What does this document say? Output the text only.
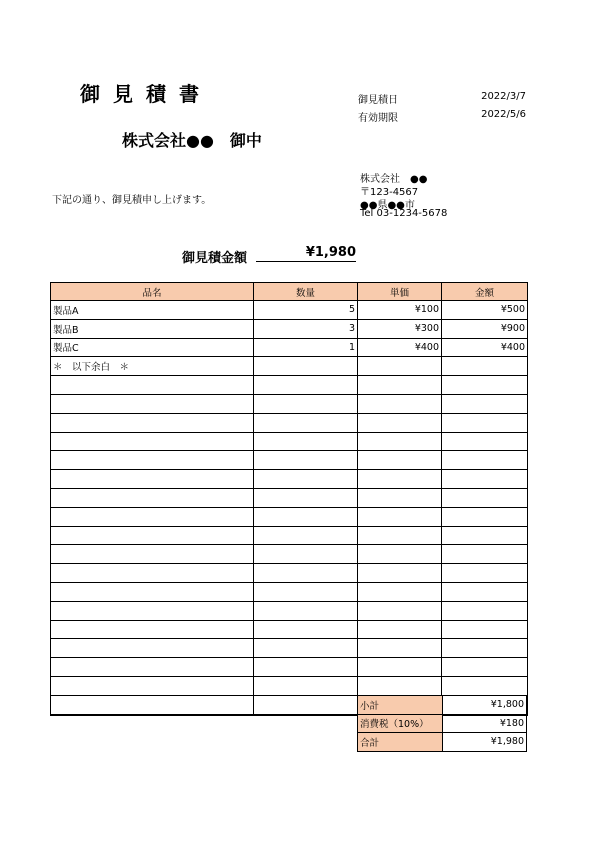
御見積書
株式会社●●　御中
御見積日	2022/3/7
有効期限	2022/5/6
株式会社　●●
〒123-4567
●●県●●市
Tel 03-1234-5678
下記の通り、御見積申し上げます。
御見積金額	¥1,980
品名	数量	単価	金額
製品A	5	¥100	¥500
製品B	3	¥300	¥900
製品C	1	¥400	¥400
＊　以下余白　＊			

小計	¥1,800
消費税（10%）	¥180
合計	¥1,980
